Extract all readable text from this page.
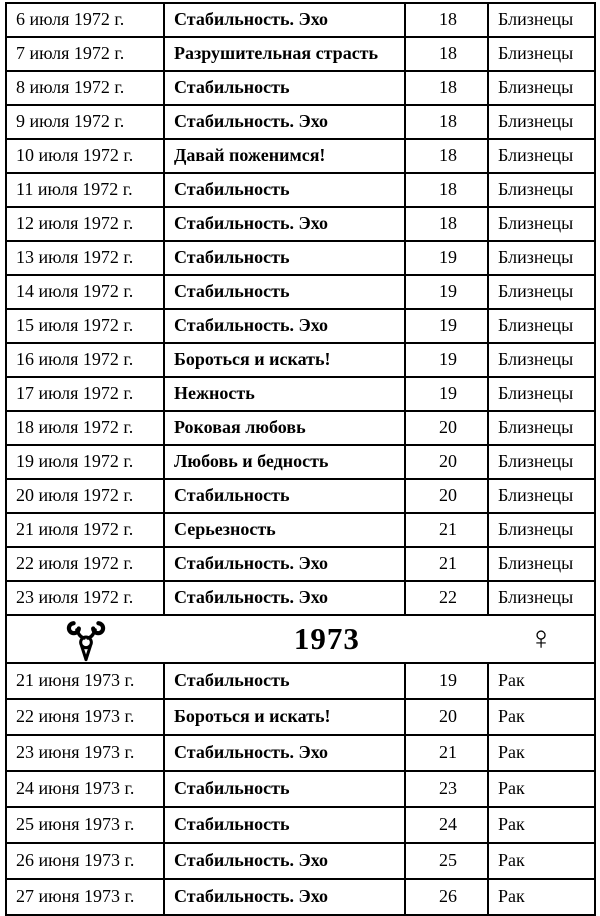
6 июля 1972 г.	Стабильность. Эхо	18	Близнецы
7 июля 1972 г.	Разрушительная страсть	18	Близнецы
8 июля 1972 г.	Стабильность	18	Близнецы
9 июля 1972 г.	Стабильность. Эхо	18	Близнецы
10 июля 1972 г.	Давай поженимся!	18	Близнецы
11 июля 1972 г.	Стабильность	18	Близнецы
12 июля 1972 г.	Стабильность. Эхо	18	Близнецы
13 июля 1972 г.	Стабильность	19	Близнецы
14 июля 1972 г.	Стабильность	19	Близнецы
15 июля 1972 г.	Стабильность. Эхо	19	Близнецы
16 июля 1972 г.	Бороться и искать!	19	Близнецы
17 июля 1972 г.	Нежность	19	Близнецы
18 июля 1972 г.	Роковая любовь	20	Близнецы
19 июля 1972 г.	Любовь и бедность	20	Близнецы
20 июля 1972 г.	Стабильность	20	Близнецы
21 июля 1972 г.	Серьезность	21	Близнецы
22 июля 1972 г.	Стабильность. Эхо	21	Близнецы
23 июля 1972 г.	Стабильность. Эхо	22	Близнецы

1973 ♀			

21 июня 1973 г.	Стабильность	19	Рак
22 июня 1973 г.	Бороться и искать!	20	Рак
23 июня 1973 г.	Стабильность. Эхо	21	Рак
24 июня 1973 г.	Стабильность	23	Рак
25 июня 1973 г.	Стабильность	24	Рак
26 июня 1973 г.	Стабильность. Эхо	25	Рак
27 июня 1973 г.	Стабильность. Эхо	26	Рак
